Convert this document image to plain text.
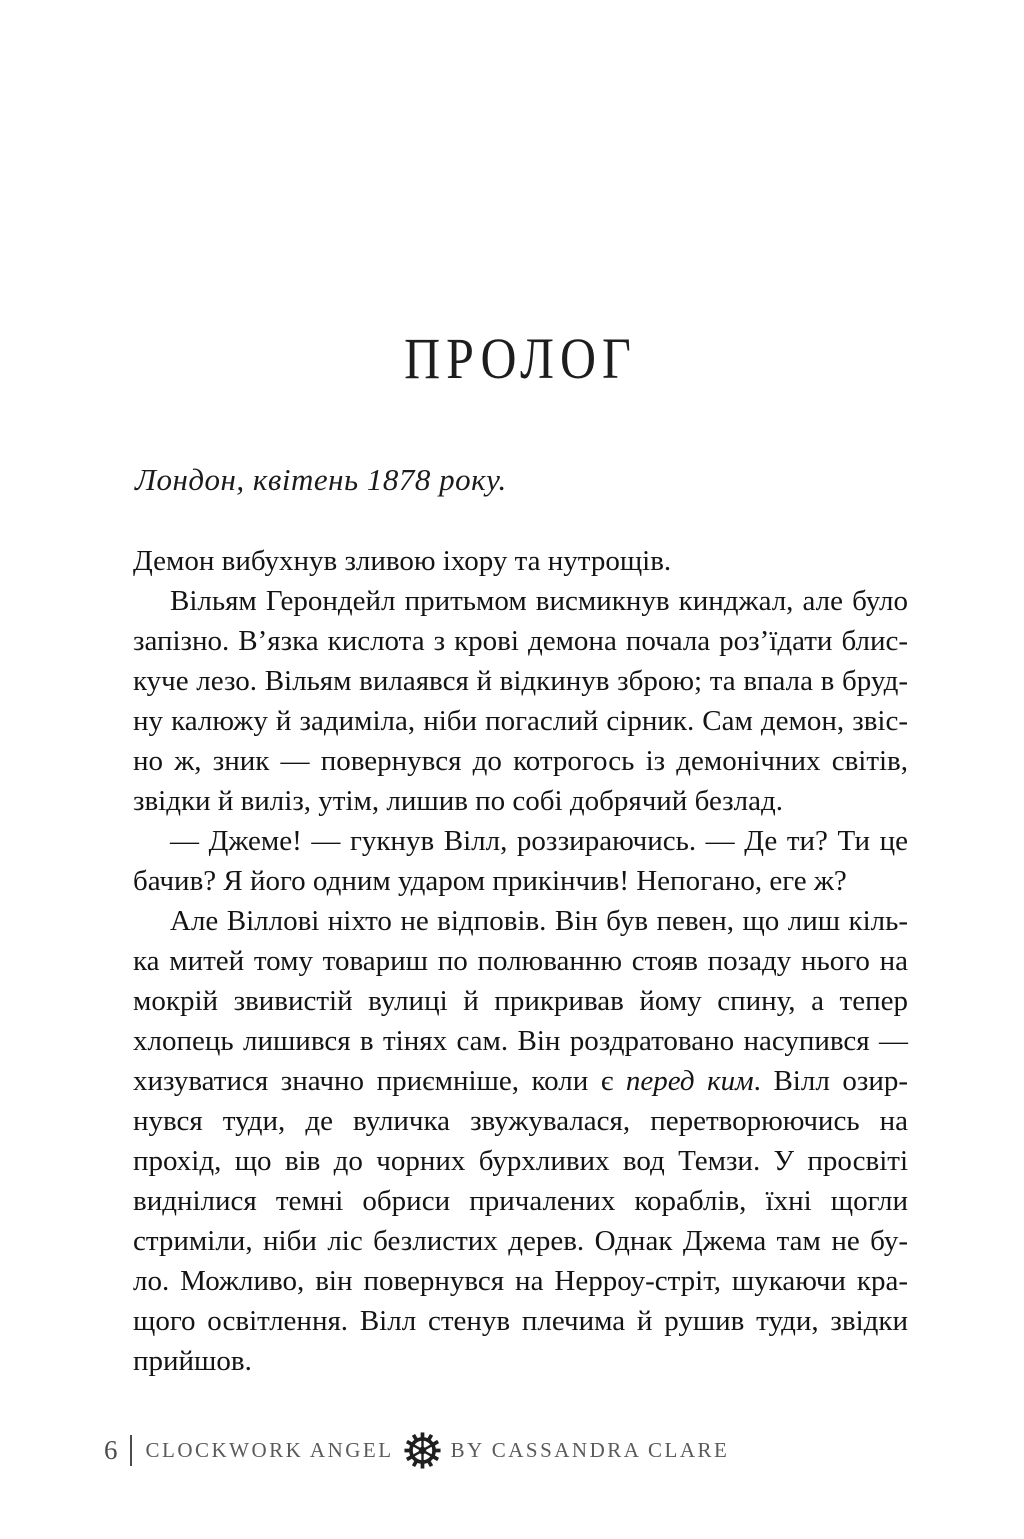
ПРОЛОГ

Лондон, квітень 1878 року.

Демон вибухнув зливою іхору та нутрощів.
Вільям Герондейл притьмом висмикнув кинджал, але було
запізно. В’язка кислота з крові демона почала роз’їдати блис-
куче лезо. Вільям вилаявся й відкинув зброю; та впала в бруд-
ну калюжу й задиміла, ніби погаслий сірник. Сам демон, звіс-
но ж, зник — повернувся до котрогось із демонічних світів,
звідки й виліз, утім, лишив по собі добрячий безлад.
— Джеме! — гукнув Вілл, роззираючись. — Де ти? Ти це
бачив? Я його одним ударом прикінчив! Непогано, еге ж?
Але Віллові ніхто не відповів. Він був певен, що лиш кіль-
ка митей тому товариш по полюванню стояв позаду нього на
мокрій звивистій вулиці й прикривав йому спину, а тепер
хлопець лишився в тінях сам. Він роздратовано насупився —
хизуватися значно приємніше, коли є перед ким. Вілл озир-
нувся туди, де вуличка звужувалася, перетворюючись на
прохід, що вів до чорних бурхливих вод Темзи. У просвіті
виднілися темні обриси причалених кораблів, їхні щогли
стриміли, ніби ліс безлистих дерев. Однак Джема там не бу-
ло. Можливо, він повернувся на Нерроу-стріт, шукаючи кра-
щого освітлення. Вілл стенув плечима й рушив туди, звідки
прийшов.
6 CLOCKWORK ANGEL	BY CASSANDRA CLARE
